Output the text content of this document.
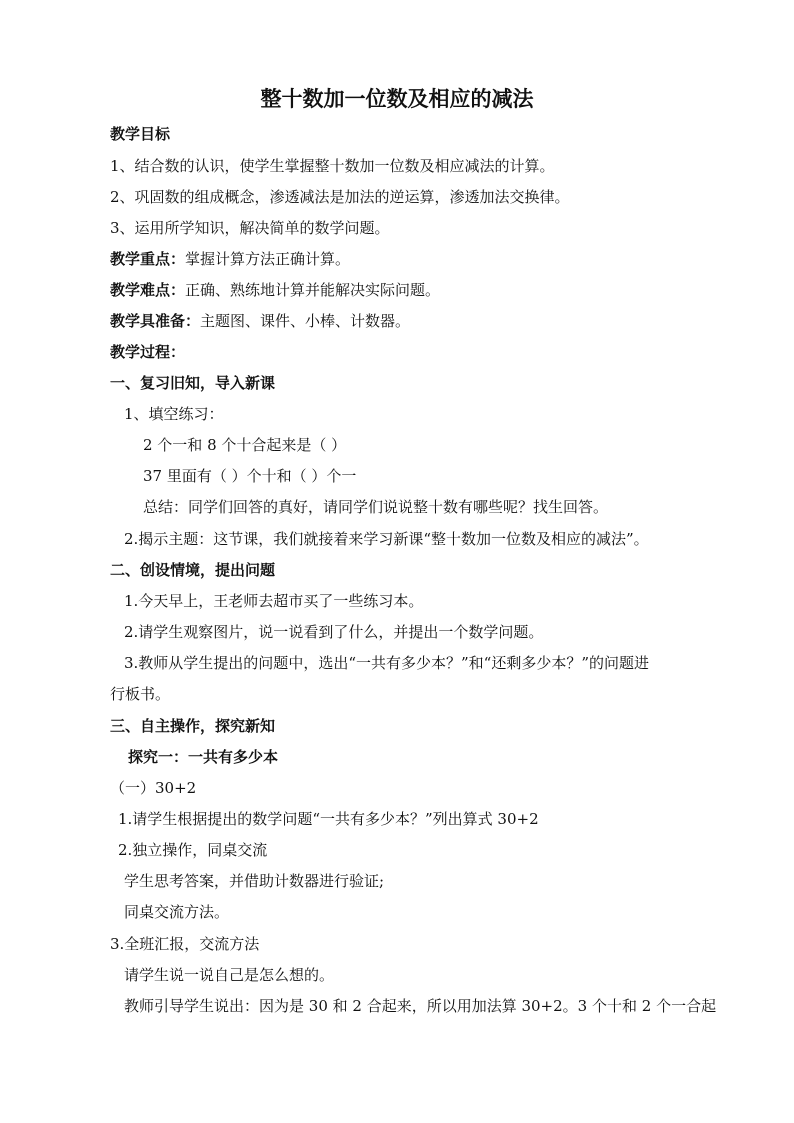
整十数加一位数及相应的减法
教学目标
1、结合数的认识，使学生掌握整十数加一位数及相应减法的计算。
2、巩固数的组成概念，渗透减法是加法的逆运算，渗透加法交换律。
3、运用所学知识，解决简单的数学问题。
教学重点：掌握计算方法正确计算。
教学难点：正确、熟练地计算并能解决实际问题。
教学具准备：主题图、课件、小棒、计数器。
教学过程：
一、复习旧知，导入新课
1、填空练习：
2 个一和 8 个十合起来是（ ）
37 里面有（ ）个十和（ ）个一
总结：同学们回答的真好，请同学们说说整十数有哪些呢？找生回答。
2.揭示主题：这节课，我们就接着来学习新课“整十数加一位数及相应的减法”。
二、创设情境，提出问题
1.今天早上，王老师去超市买了一些练习本。
2.请学生观察图片，说一说看到了什么，并提出一个数学问题。
3.教师从学生提出的问题中，选出“一共有多少本？”和“还剩多少本？”的问题进
行板书。
三、自主操作，探究新知
探究一：一共有多少本
（一）30+2
1.请学生根据提出的数学问题“一共有多少本？”列出算式 30+2
2.独立操作，同桌交流
学生思考答案，并借助计数器进行验证;
同桌交流方法。
3.全班汇报，交流方法
请学生说一说自己是怎么想的。
教师引导学生说出：因为是 30 和 2 合起来，所以用加法算 30+2。3 个十和 2 个一合起
